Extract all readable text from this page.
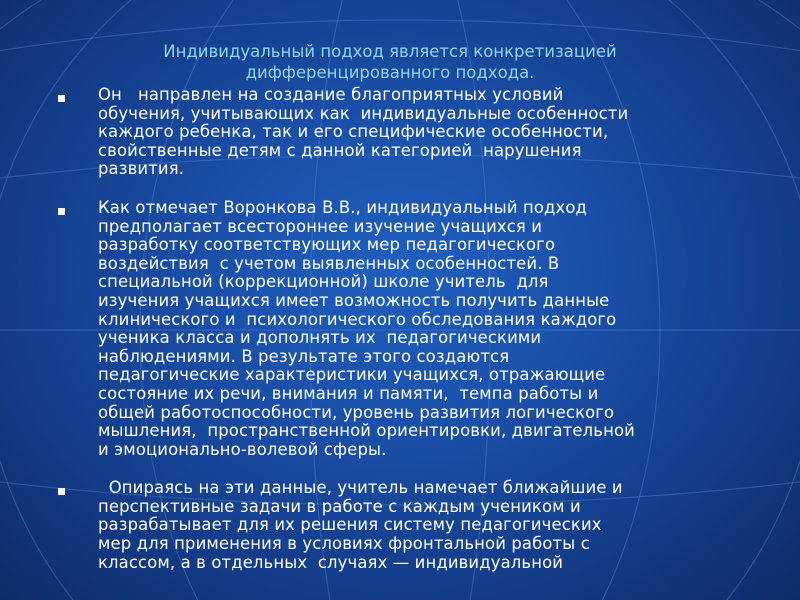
Индивидуальный подход является конкретизацией
дифференцированного подхода.
Он   направлен на создание благоприятных условий
обучения, учитывающих как  индивидуальные особенности
каждого ребенка, так и его специфические особенности,
свойственные детям с данной категорией  нарушения
развития.
Как отмечает Воронкова В.В., индивидуальный подход
предполагает всестороннее изучение учащихся и
разработку соответствующих мер педагогического
воздействия  с учетом выявленных особенностей. В
специальной (коррекционной) школе учитель  для
изучения учащихся имеет возможность получить данные
клинического и  психологического обследования каждого
ученика класса и дополнять их  педагогическими
наблюдениями. В результате этого создаются
педагогические характеристики учащихся, отражающие
состояние их речи, внимания и памяти,  темпа работы и
общей работоспособности, уровень развития логического
мышления,  пространственной ориентировки, двигательной
и эмоционально-волевой сферы.
Опираясь на эти данные, учитель намечает ближайшие и
перспективные задачи в работе с каждым учеником и
разрабатывает для их решения систему педагогических
мер для применения в условиях фронтальной работы с
классом, а в отдельных  случаях — индивидуальной
